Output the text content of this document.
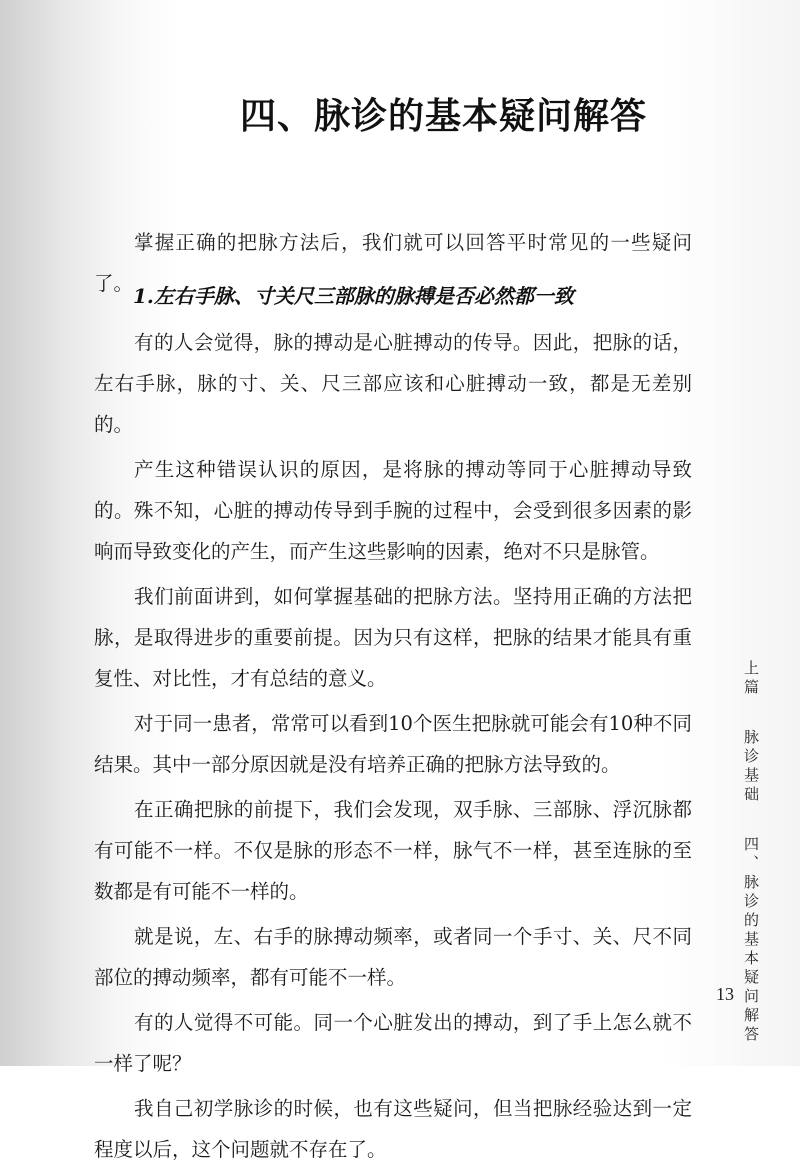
四、脉诊的基本疑问解答

掌握正确的把脉方法后，我们就可以回答平时常见的一些疑问了。

1.左右手脉、寸关尺三部脉的脉搏是否必然都一致

有的人会觉得，脉的搏动是心脏搏动的传导。因此，把脉的话，左右手脉，脉的寸、关、尺三部应该和心脏搏动一致，都是无差别的。

产生这种错误认识的原因，是将脉的搏动等同于心脏搏动导致的。殊不知，心脏的搏动传导到手腕的过程中，会受到很多因素的影响而导致变化的产生，而产生这些影响的因素，绝对不只是脉管。

我们前面讲到，如何掌握基础的把脉方法。坚持用正确的方法把脉，是取得进步的重要前提。因为只有这样，把脉的结果才能具有重复性、对比性，才有总结的意义。

对于同一患者，常常可以看到10个医生把脉就可能会有10种不同结果。其中一部分原因就是没有培养正确的把脉方法导致的。

在正确把脉的前提下，我们会发现，双手脉、三部脉、浮沉脉都有可能不一样。不仅是脉的形态不一样，脉气不一样，甚至连脉的至数都是有可能不一样的。

就是说，左、右手的脉搏动频率，或者同一个手寸、关、尺不同部位的搏动频率，都有可能不一样。

有的人觉得不可能。同一个心脏发出的搏动，到了手上怎么就不一样了呢？

我自己初学脉诊的时候，也有这些疑问，但当把脉经验达到一定程度以后，这个问题就不存在了。

上篇 脉诊基础 四、脉诊的基本疑问解答
13
